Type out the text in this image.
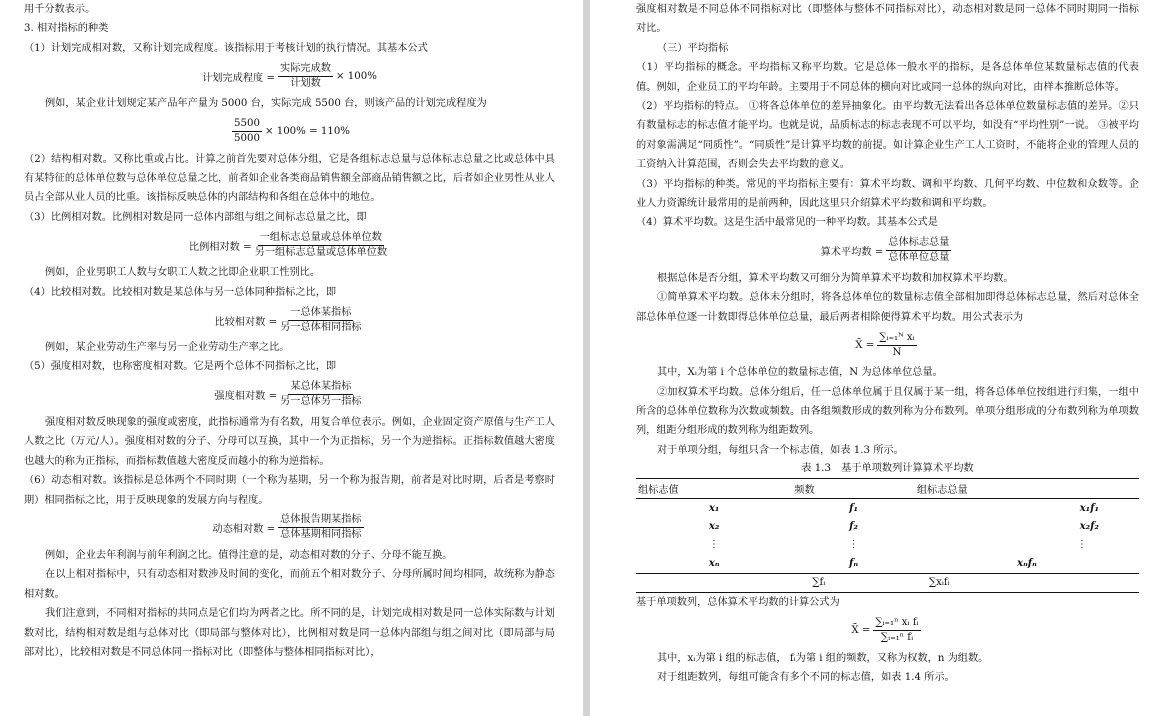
用千分数表示。

3. 相对指标的种类

（1）计划完成相对数，又称计划完成程度。该指标用于考核计划的执行情况。其基本公式

计划完成程度 =
实际完成数
计划数
× 100%

例如，某企业计划规定某产品年产量为 5000 台，实际完成 5500 台，则该产品的计划完成程度为

$\frac{5500}{5000} \times 100\% = 110\%$

（2）结构相对数。又称比重或占比。计算之前首先要对总体分组，它是各组标志总量与总体标志总量之比或总体中具有某特征的总体单位数与总体单位总量之比，前者如企业各类商品销售额全部商品销售额之比，后者如企业男性从业人员占全部从业人员的比重。该指标反映总体的内部结构和各组在总体中的地位。

（3）比例相对数。比例相对数是同一总体内部组与组之间标志总量之比，即

比例相对数 =
一组标志总量或总体单位数
另一组标志总量或总体单位数

例如，企业男职工人数与女职工人数之比即企业职工性别比。

（4）比较相对数。比较相对数是某总体与另一总体同种指标之比，即

比较相对数 =
一总体某指标
另一总体相同指标

例如，某企业劳动生产率与另一企业劳动生产率之比。

（5）强度相对数，也称密度相对数。它是两个总体不同指标之比，即

强度相对数 =
某总体某指标
另一总体另一指标

强度相对数反映现象的强度或密度，此指标通常为有名数，用复合单位表示。例如，企业固定资产原值与生产工人人数之比（万元/人）。强度相对数的分子、分母可以互换，其中一个为正指标，另一个为逆指标。正指标数值越大密度也越大的称为正指标，而指标数值越大密度反而越小的称为逆指标。

（6）动态相对数。该指标是总体两个不同时期（一个称为基期，另一个称为报告期，前者是对比时期，后者是考察时期）相同指标之比，用于反映现象的发展方向与程度。

动态相对数 =
总体报告期某指标
总体基期相同指标

例如，企业去年利润与前年利润之比。值得注意的是，动态相对数的分子、分母不能互换。

在以上相对指标中，只有动态相对数涉及时间的变化，而前五个相对数分子、分母所属时间均相同，故统称为静态相对数。

我们注意到，不同相对指标的共同点是它们均为两者之比。所不同的是，计划完成相对数是同一总体实际数与计划数对比，结构相对数是组与总体对比（即局部与整体对比），比例相对数是同一总体内部组与组之间对比（即局部与局部对比），比较相对数是不同总体同一指标对比（即整体与整体相同指标对比），

强度相对数是不同总体不同指标对比（即整体与整体不同指标对比），动态相对数是同一总体不同时期同一指标对比。

（三）平均指标

（1）平均指标的概念。平均指标又称平均数。它是总体一般水平的指标，是各总体单位某数量标志值的代表值。例如，企业员工的平均年龄。主要用于不同总体的横向对比或同一总体的纵向对比，由样本推断总体等。

（2）平均指标的特点。 ①将各总体单位的差异抽象化。由平均数无法看出各总体单位数量标志值的差异。②只有数量标志的标志值才能平均。也就是说，品质标志的标志表现不可以平均，如没有“平均性别”一说。 ③被平均的对象需满足“同质性”。“同质性”是计算平均数的前提。如计算企业生产工人工资时，不能将企业的管理人员的工资纳入计算范围，否则会失去平均数的意义。

（3）平均指标的种类。常见的平均指标主要有：算术平均数、调和平均数、几何平均数、中位数和众数等。企业人力资源统计最常用的是前两种，因此这里只介绍算术平均数和调和平均数。

（4）算术平均数。这是生活中最常见的一种平均数。其基本公式是

算术平均数 =
总体标志总量
总体单位总量

根据总体是否分组，算术平均数又可细分为简单算术平均数和加权算术平均数。

①简单算术平均数。总体未分组时，将各总体单位的数量标志值全部相加即得总体标志总量，然后对总体全部总体单位逐一计数即得总体单位总量，最后两者相除便得算术平均数。用公式表示为

X̄ = $\frac{\text{∑ᵢ₌₁ᴺ xᵢ}}{N}$

其中，Xᵢ为第 i 个总体单位的数量标志值，N 为总体单位总量。

②加权算术平均数。总体分组后，任一总体单位属于且仅属于某一组，将各总体单位按组进行归集，一组中所含的总体单位数称为次数或频数。由各组频数形成的数列称为分布数列。单项分组形成的分布数列称为单项数列，组距分组形成的数列称为组距数列。

对于单项分组，每组只含一个标志值，如表 1.3 所示。

表 1.3　基于单项数列计算算术平均数
组标志值	频数	组标志总量
x₁	f₁	x₁f₁
x₂	f₂	x₂f₂
⋮	⋮	⋮
xₙ	fₙ	xₙfₙ
	∑fᵢ	∑xᵢfᵢ

基于单项数列，总体算术平均数的计算公式为

X̄ = $\frac{\text{∑ᵢ₌₁ⁿ xᵢ fᵢ}}{\text{∑ᵢ₌₁ⁿ fᵢ}}$

其中，xᵢ为第 i 组的标志值， fᵢ为第 i 组的频数，又称为权数，n 为组数。

对于组距数列，每组可能含有多个不同的标志值，如表 1.4 所示。
